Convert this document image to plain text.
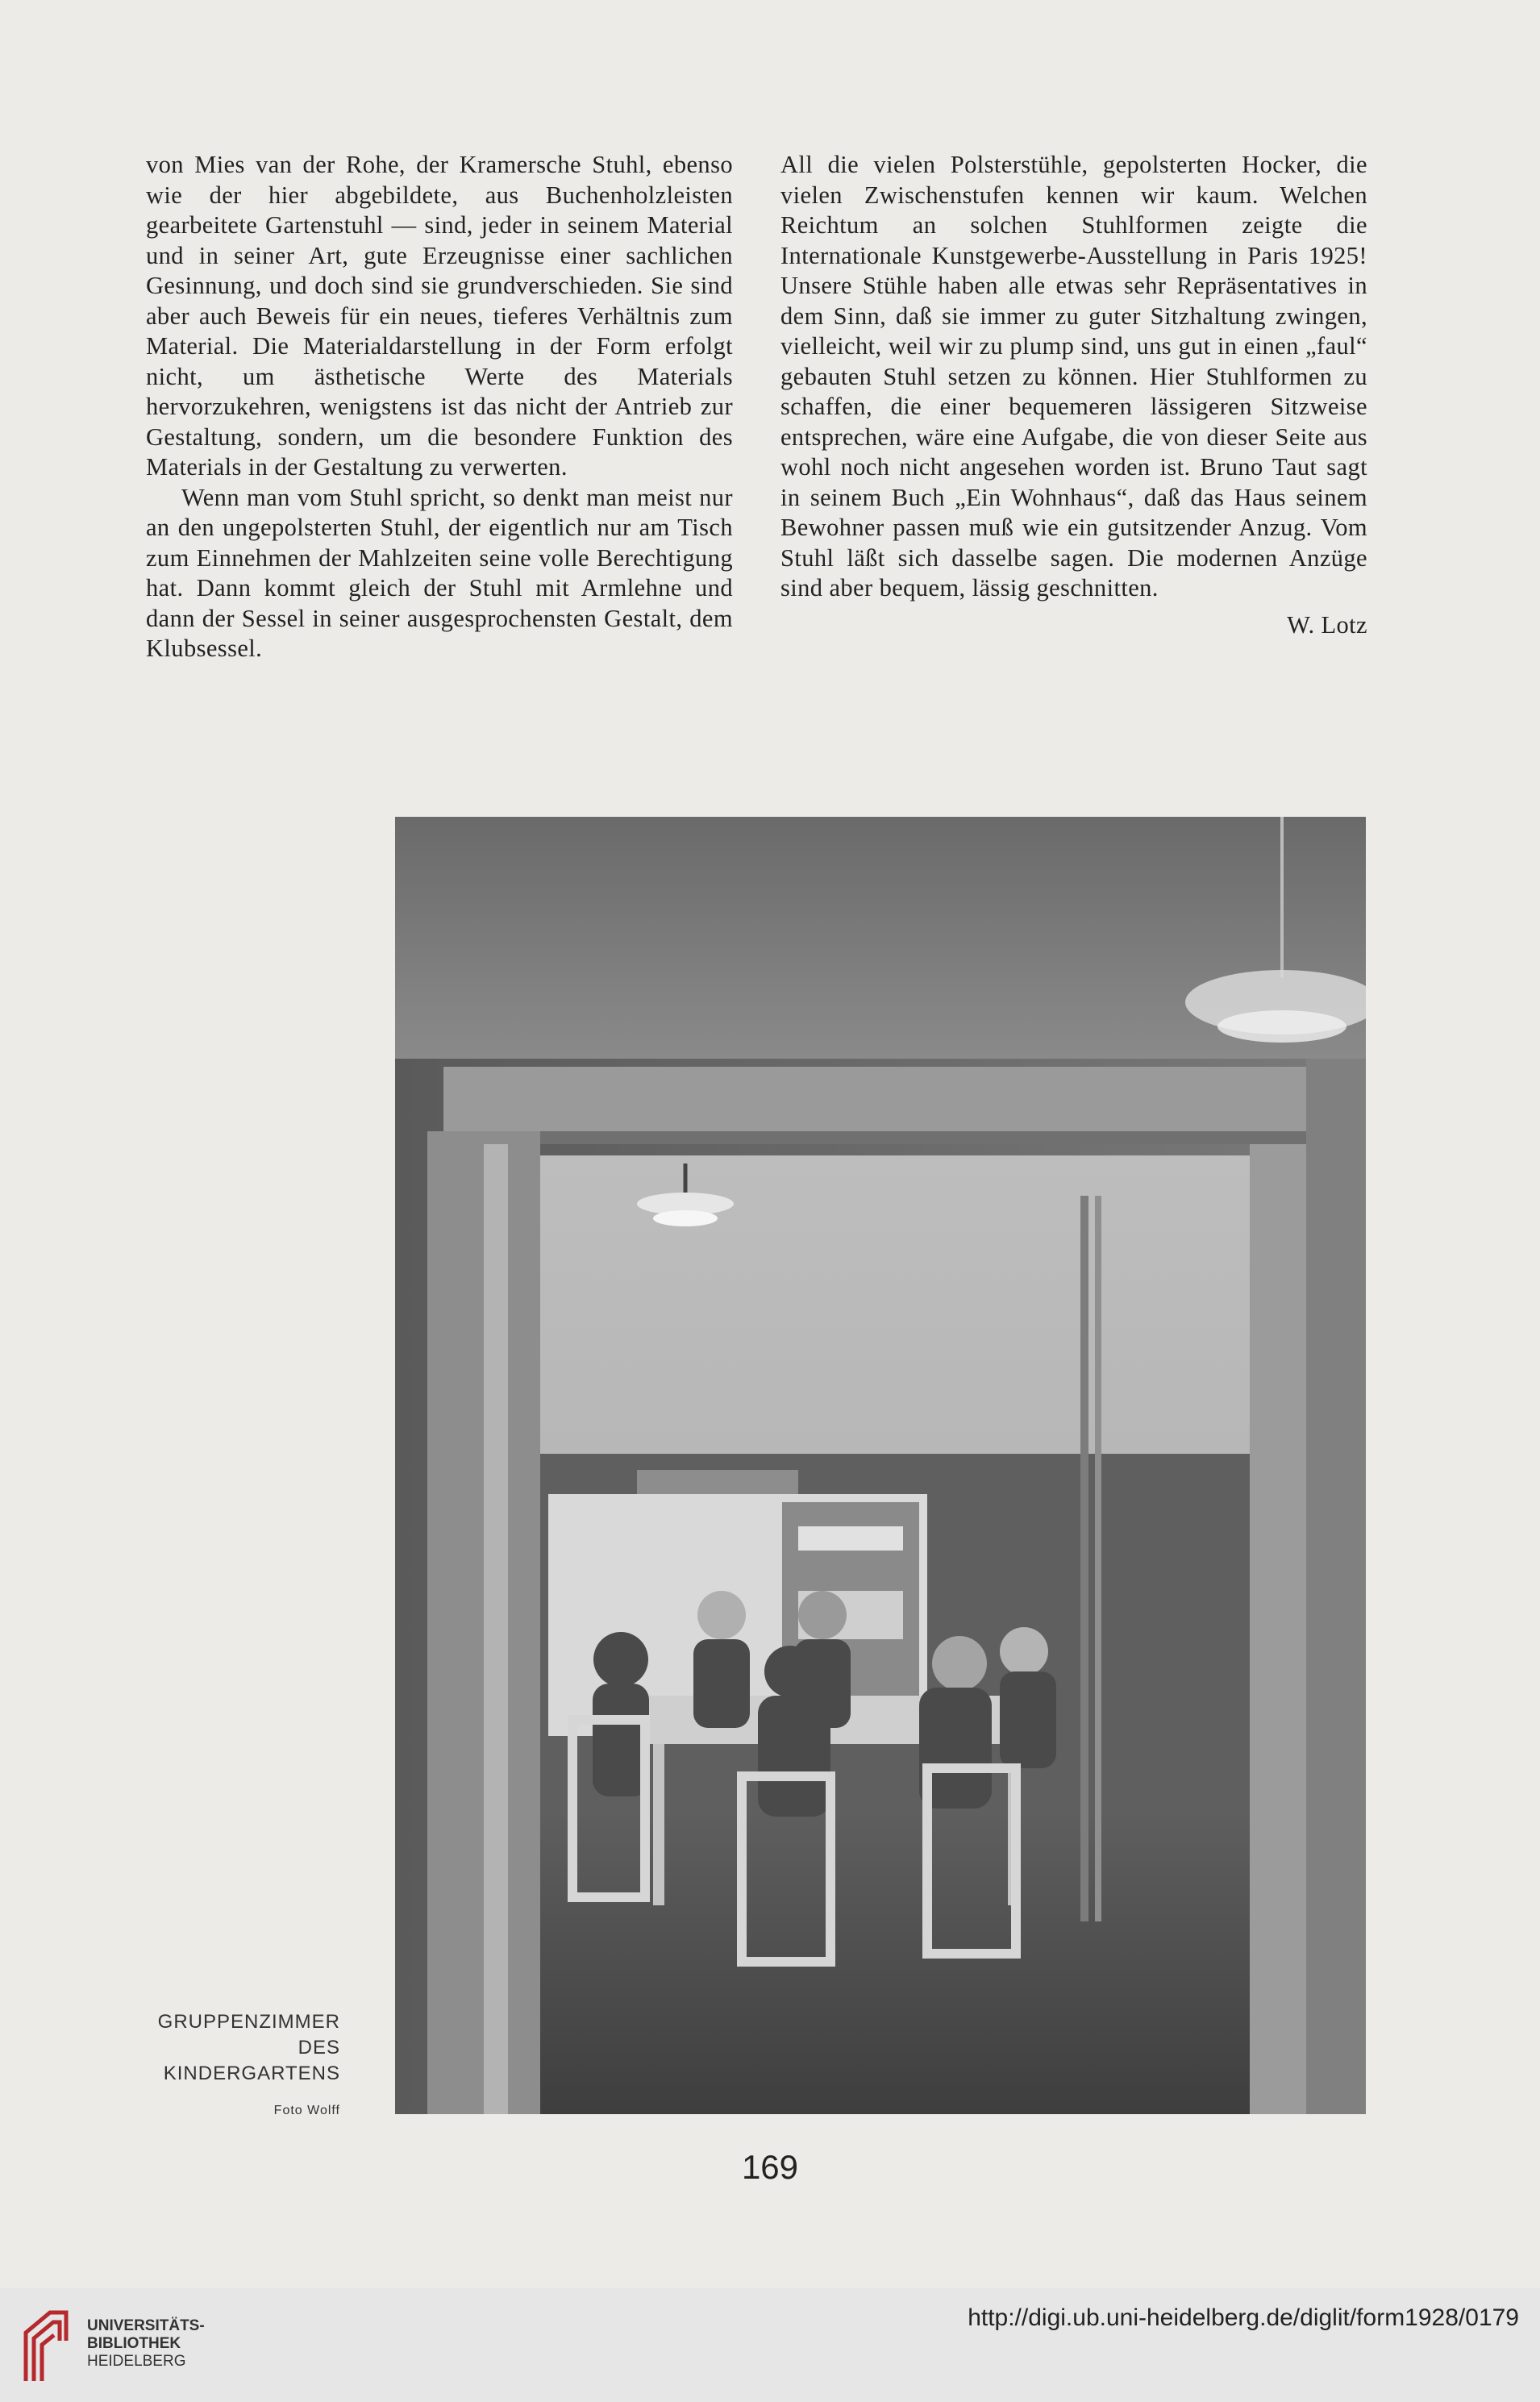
von Mies van der Rohe, der Kramersche Stuhl, ebenso wie der hier abgebildete, aus Buchenholzleisten gearbeitete Gartenstuhl — sind, jeder in seinem Material und in seiner Art, gute Erzeugnisse einer sachlichen Gesinnung, und doch sind sie grundverschieden. Sie sind aber auch Beweis für ein neues, tieferes Verhältnis zum Material. Die Materialdarstellung in der Form erfolgt nicht, um ästhetische Werte des Materials hervorzukehren, wenigstens ist das nicht der Antrieb zur Gestaltung, sondern, um die besondere Funktion des Materials in der Gestaltung zu verwerten.

Wenn man vom Stuhl spricht, so denkt man meist nur an den ungepolsterten Stuhl, der eigentlich nur am Tisch zum Einnehmen der Mahlzeiten seine volle Berechtigung hat. Dann kommt gleich der Stuhl mit Armlehne und dann der Sessel in seiner ausgesprochensten Gestalt, dem Klubsessel.

All die vielen Polsterstühle, gepolsterten Hocker, die vielen Zwischenstufen kennen wir kaum. Welchen Reichtum an solchen Stuhlformen zeigte die Internationale Kunstgewerbe-Ausstellung in Paris 1925! Unsere Stühle haben alle etwas sehr Repräsentatives in dem Sinn, daß sie immer zu guter Sitzhaltung zwingen, vielleicht, weil wir zu plump sind, uns gut in einen „faul“ gebauten Stuhl setzen zu können. Hier Stuhlformen zu schaffen, die einer bequemeren lässigeren Sitzweise entsprechen, wäre eine Aufgabe, die von dieser Seite aus wohl noch nicht angesehen worden ist. Bruno Taut sagt in seinem Buch „Ein Wohnhaus“, daß das Haus seinem Bewohner passen muß wie ein gutsitzender Anzug. Vom Stuhl läßt sich dasselbe sagen. Die modernen Anzüge sind aber bequem, lässig geschnitten.

W. Lotz
GRUPPENZIMMER
DES
KINDERGARTENS
Foto Wolff
169
UNIVERSITÄTS-
BIBLIOTHEK
HEIDELBERG
http://digi.ub.uni-heidelberg.de/diglit/form1928/0179
